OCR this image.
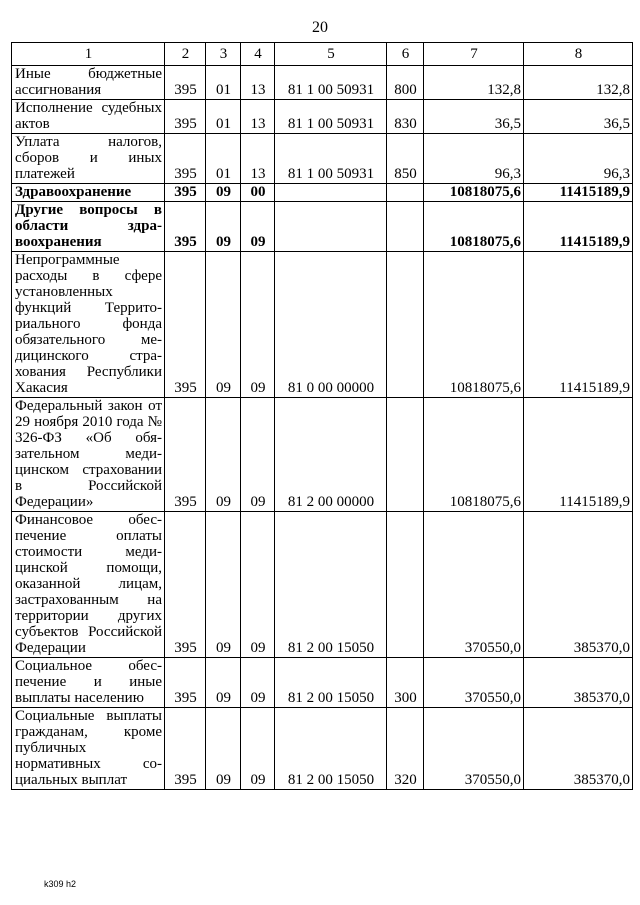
20
1	2	3	4	5	6	7	8
Иные бюджетные ассигнования	395	01	13	81 1 00 50931	800	132,8	132,8
Исполнение судебных актов	395	01	13	81 1 00 50931	830	36,5	36,5
Уплата налогов, сборов и иных платежей	395	01	13	81 1 00 50931	850	96,3	96,3
Здравоохранение	395	09	00			10818075,6	11415189,9
Другие вопросы в области здравоохранения	395	09	09			10818075,6	11415189,9
Непрограммные расходы в сфере установленных функций Территориального фонда обязательного медицинского страхования Республики Хакасия	395	09	09	81 0 00 00000		10818075,6	11415189,9
Федеральный закон от 29 ноября 2010 года № 326-ФЗ «Об обязательном медицинском страховании в Российской Федерации»	395	09	09	81 2 00 00000		10818075,6	11415189,9
Финансовое обеспечение оплаты стоимости медицинской помощи, оказанной лицам, застрахованным на территории других субъектов Российской Федерации	395	09	09	81 2 00 15050		370550,0	385370,0
Социальное обеспечение и иные выплаты населению	395	09	09	81 2 00 15050	300	370550,0	385370,0
Социальные выплаты гражданам, кроме публичных нормативных социальных выплат	395	09	09	81 2 00 15050	320	370550,0	385370,0
k309 h2
